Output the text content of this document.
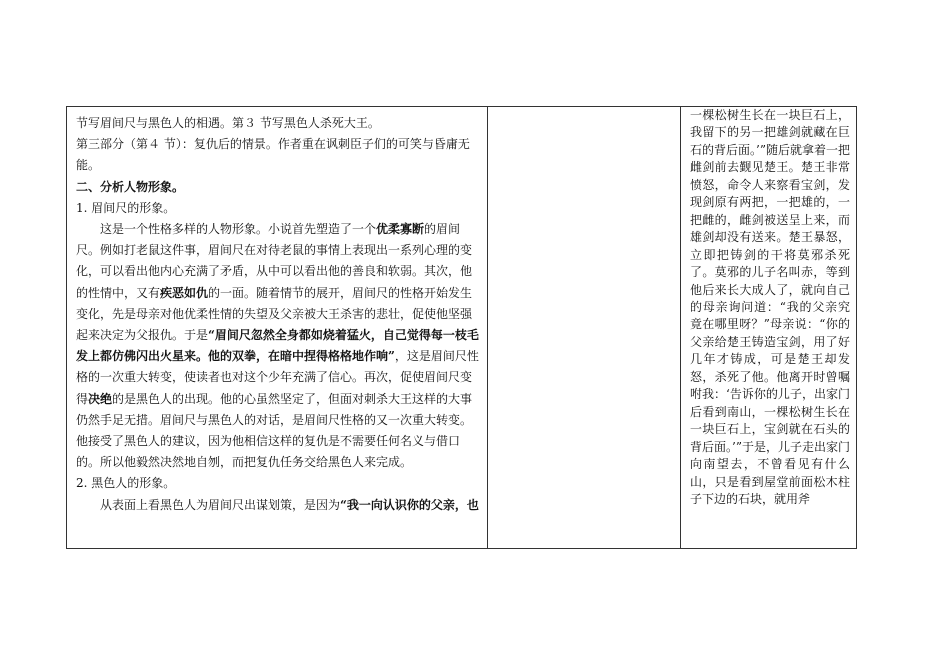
节写眉间尺与黑色人的相遇。第３ 节写黑色人杀死大王。

第三部分（第４ 节）：复仇后的情景。作者重在讽刺臣子们的可笑与昏庸无能。

二、分析人物形象。

1. 眉间尺的形象。

这是一个性格多样的人物形象。小说首先塑造了一个优柔寡断的眉间尺。例如打老鼠这件事，眉间尺在对待老鼠的事情上表现出一系列心理的变化，可以看出他内心充满了矛盾，从中可以看出他的善良和软弱。其次，他的性情中，又有疾恶如仇的一面。随着情节的展开，眉间尺的性格开始发生变化，先是母亲对他优柔性情的失望及父亲被大王杀害的悲壮，促使他坚强起来决定为父报仇。于是“眉间尺忽然全身都如烧着猛火，自己觉得每一枝毛发上都仿佛闪出火星来。他的双拳，在暗中捏得格格地作响”，这是眉间尺性格的一次重大转变，使读者也对这个少年充满了信心。再次，促使眉间尺变得决绝的是黑色人的出现。他的心虽然坚定了，但面对刺杀大王这样的大事仍然手足无措。眉间尺与黑色人的对话，是眉间尺性格的又一次重大转变。他接受了黑色人的建议，因为他相信这样的复仇是不需要任何名义与借口的。所以他毅然决然地自刎，而把复仇任务交给黑色人来完成。

2. 黑色人的形象。

从表面上看黑色人为眉间尺出谋划策，是因为“我一向认识你的父亲，也

一棵松树生长在一块巨石上，我留下的另一把雄剑就藏在巨石的背后面。’”随后就拿着一把雌剑前去觐见楚王。楚王非常愤怒，命令人来察看宝剑，发现剑原有两把，一把雄的，一把雌的，雌剑被送呈上来，而雄剑却没有送来。楚王暴怒，立即把铸剑的干将莫邪杀死了。莫邪的儿子名叫赤，等到他后来长大成人了，就向自己的母亲询问道：“我的父亲究竟在哪里呀？”母亲说：“你的父亲给楚王铸造宝剑，用了好几年才铸成，可是楚王却发怒，杀死了他。他离开时曾嘱咐我：‘告诉你的儿子，出家门后看到南山，一棵松树生长在一块巨石上，宝剑就在石头的背后面。’”于是，儿子走出家门向南望去，不曾看见有什么山，只是看到屋堂前面松木柱子下边的石块，就用斧
